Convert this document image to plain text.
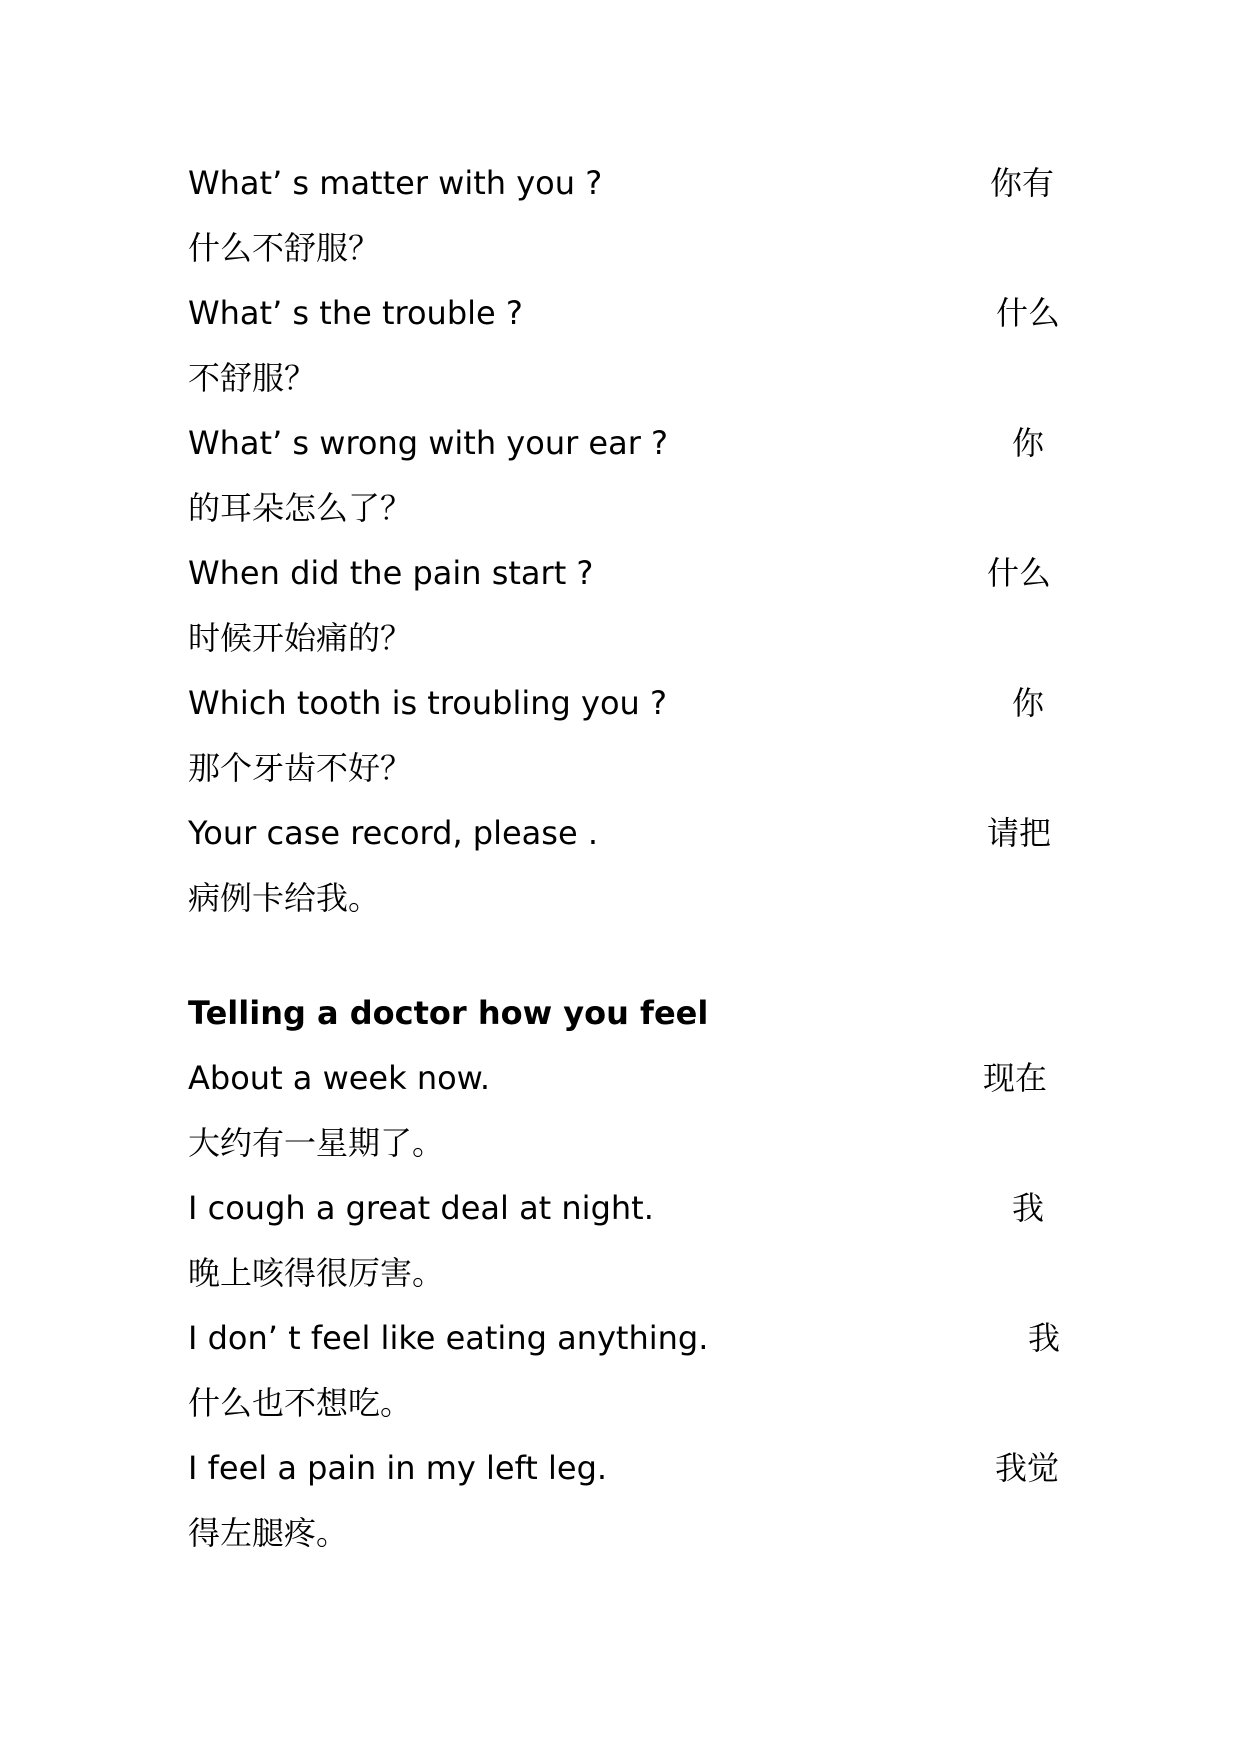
What’ s matter with you ?	你有
什么不舒服？
What’ s the trouble ?	什么
不舒服？
What’ s wrong with your ear ?	你
的耳朵怎么了？
When did the pain start ?	什么
时候开始痛的？
Which tooth is troubling you ?	你
那个牙齿不好？
Your case record, please .	请把
病例卡给我。
Telling a doctor how you feel
About a week now.	现在
大约有一星期了。
I cough a great deal at night.	我
晚上咳得很厉害。
I don’ t feel like eating anything.	我
什么也不想吃。
I feel a pain in my left leg.	我觉
得左腿疼。
